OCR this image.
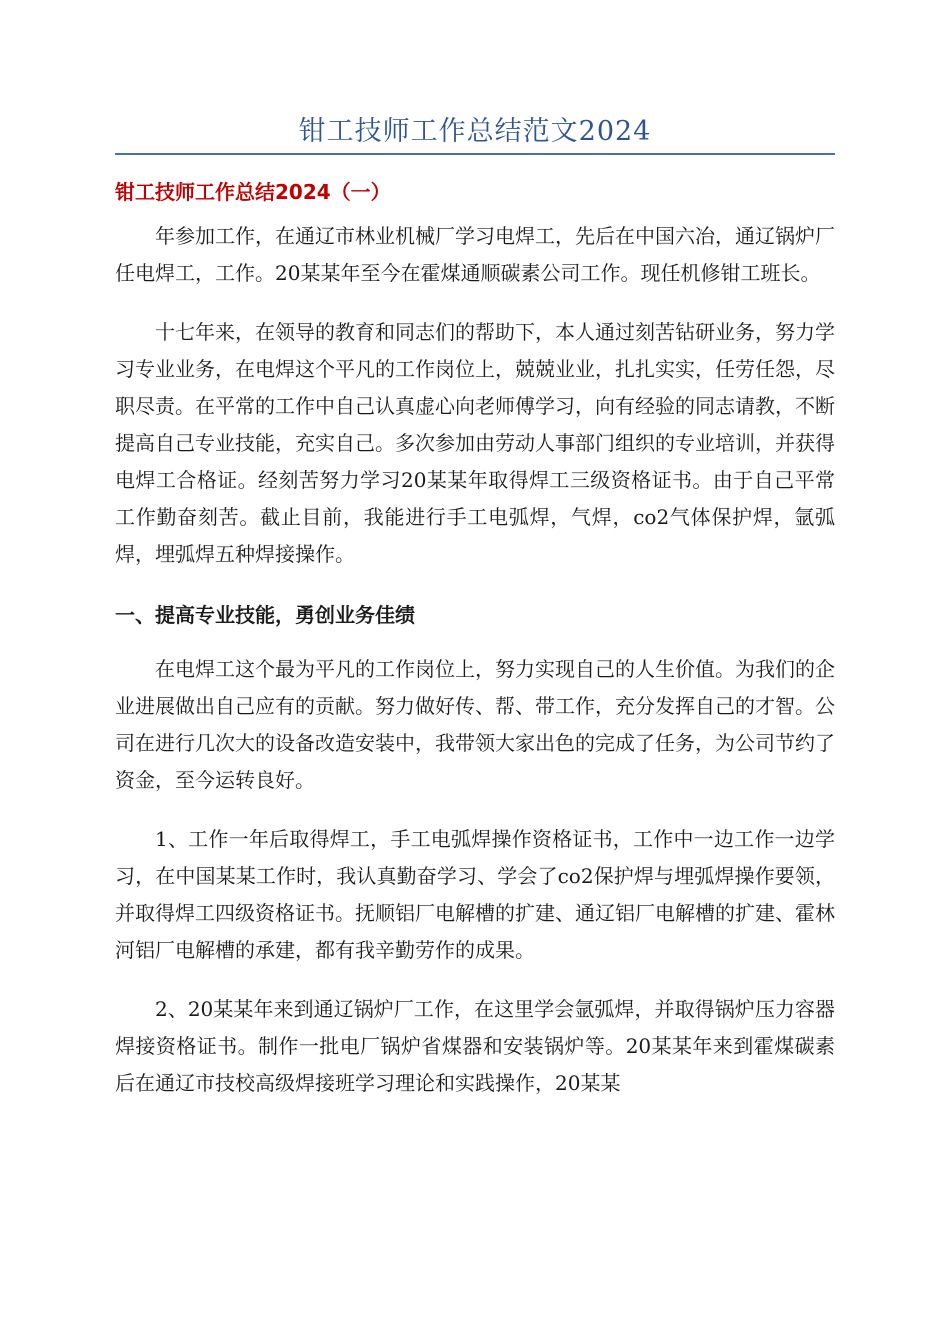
钳工技师工作总结范文2024
钳工技师工作总结2024（一）

年参加工作，在通辽市林业机械厂学习电焊工，先后在中国六冶，通辽锅炉厂任电焊工，工作。20某某年至今在霍煤通顺碳素公司工作。现任机修钳工班长。

十七年来，在领导的教育和同志们的帮助下，本人通过刻苦钻研业务，努力学习专业业务，在电焊这个平凡的工作岗位上，兢兢业业，扎扎实实，任劳任怨，尽职尽责。在平常的工作中自己认真虚心向老师傅学习，向有经验的同志请教，不断提高自己专业技能，充实自己。多次参加由劳动人事部门组织的专业培训，并获得电焊工合格证。经刻苦努力学习20某某年取得焊工三级资格证书。由于自己平常工作勤奋刻苦。截止目前，我能进行手工电弧焊，气焊，co2气体保护焊，氩弧焊，埋弧焊五种焊接操作。

一、提高专业技能，勇创业务佳绩

在电焊工这个最为平凡的工作岗位上，努力实现自己的人生价值。为我们的企业进展做出自己应有的贡献。努力做好传、帮、带工作，充分发挥自己的才智。公司在进行几次大的设备改造安装中，我带领大家出色的完成了任务，为公司节约了资金，至今运转良好。

1、工作一年后取得焊工，手工电弧焊操作资格证书，工作中一边工作一边学习，在中国某某工作时，我认真勤奋学习、学会了co2保护焊与埋弧焊操作要领，并取得焊工四级资格证书。抚顺铝厂电解槽的扩建、通辽铝厂电解槽的扩建、霍林河铝厂电解槽的承建，都有我辛勤劳作的成果。

2、20某某年来到通辽锅炉厂工作，在这里学会氩弧焊，并取得锅炉压力容器焊接资格证书。制作一批电厂锅炉省煤器和安装锅炉等。20某某年来到霍煤碳素后在通辽市技校高级焊接班学习理论和实践操作，20某某
